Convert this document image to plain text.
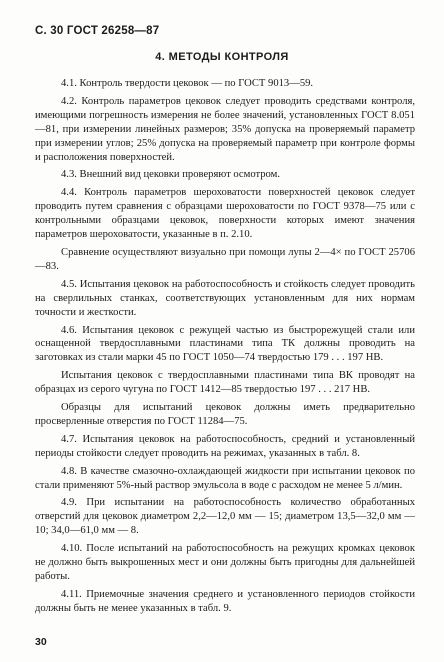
С. 30 ГОСТ 26258—87
4. МЕТОДЫ КОНТРОЛЯ

4.1. Контроль твердости цековок — по ГОСТ 9013—59.

4.2. Контроль параметров цековок следует проводить средствами контроля, имеющими погрешность измерения не более значений, установленных ГОСТ 8.051—81, при измерении линейных размеров; 35% допуска на проверяемый параметр при измерении углов; 25% допуска на проверяемый параметр при контроле формы и расположения поверхностей.

4.3. Внешний вид цековки проверяют осмотром.

4.4. Контроль параметров шероховатости поверхностей цековок следует проводить путем сравнения с образцами шероховатости по ГОСТ 9378—75 или с контрольными образцами цековок, поверхности которых имеют значения параметров шероховатости, указанные в п. 2.10.

Сравнение осуществляют визуально при помощи лупы 2—4× по ГОСТ 25706—83.

4.5. Испытания цековок на работоспособность и стойкость следует проводить на сверлильных станках, соответствующих установленным для них нормам точности и жесткости.

4.6. Испытания цековок с режущей частью из быстрорежущей стали или оснащенной твердосплавными пластинами типа ТК должны проводить на заготовках из стали марки 45 по ГОСТ 1050—74 твердостью 179 . . . 197 НВ.

Испытания цековок с твердосплавными пластинами типа ВК проводят на образцах из серого чугуна по ГОСТ 1412—85 твердостью 197 . . . 217 НВ.

Образцы для испытаний цековок должны иметь предварительно просверленные отверстия по ГОСТ 11284—75.

4.7. Испытания цековок на работоспособность, средний и установленный периоды стойкости следует проводить на режимах, указанных в табл. 8.

4.8. В качестве смазочно-охлаждающей жидкости при испытании цековок по стали применяют 5%-ный раствор эмульсола в воде с расходом не менее 5 л/мин.

4.9. При испытании на работоспособность количество обработанных отверстий для цековок диаметром 2,2—12,0 мм — 15; диаметром 13,5—32,0 мм — 10; 34,0—61,0 мм — 8.

4.10. После испытаний на работоспособность на режущих кромках цековок не должно быть выкрошенных мест и они должны быть пригодны для дальнейшей работы.

4.11. Приемочные значения среднего и установленного периодов стойкости должны быть не менее указанных в табл. 9.

30
